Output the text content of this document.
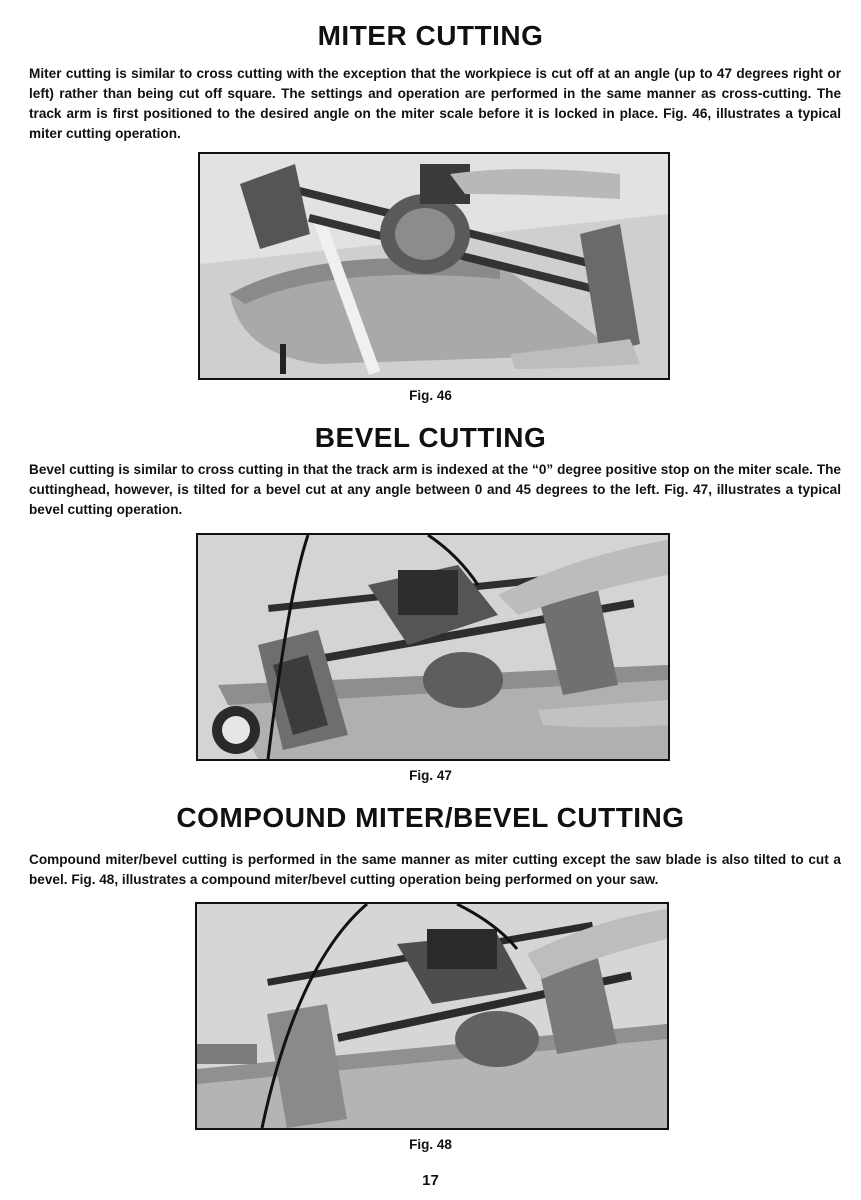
MITER CUTTING

Miter cutting is similar to cross cutting with the exception that the workpiece is cut off at an angle (up to 47 degrees right or left) rather than being cut off square. The settings and operation are performed in the same manner as cross-cutting. The track arm is first positioned to the desired angle on the miter scale before it is locked in place. Fig. 46, illustrates a typical miter cutting operation.

Fig. 46

BEVEL CUTTING

Bevel cutting is similar to cross cutting in that the track arm is indexed at the “0” degree positive stop on the miter scale. The cuttinghead, however, is tilted for a bevel cut at any angle between 0 and 45 degrees to the left. Fig. 47, illustrates a typical bevel cutting operation.

Fig. 47

COMPOUND MITER/BEVEL CUTTING

Compound miter/bevel cutting is performed in the same manner as miter cutting except the saw blade is also tilted to cut a bevel. Fig. 48, illustrates a compound miter/bevel cutting operation being performed on your saw.

Fig. 48

17
